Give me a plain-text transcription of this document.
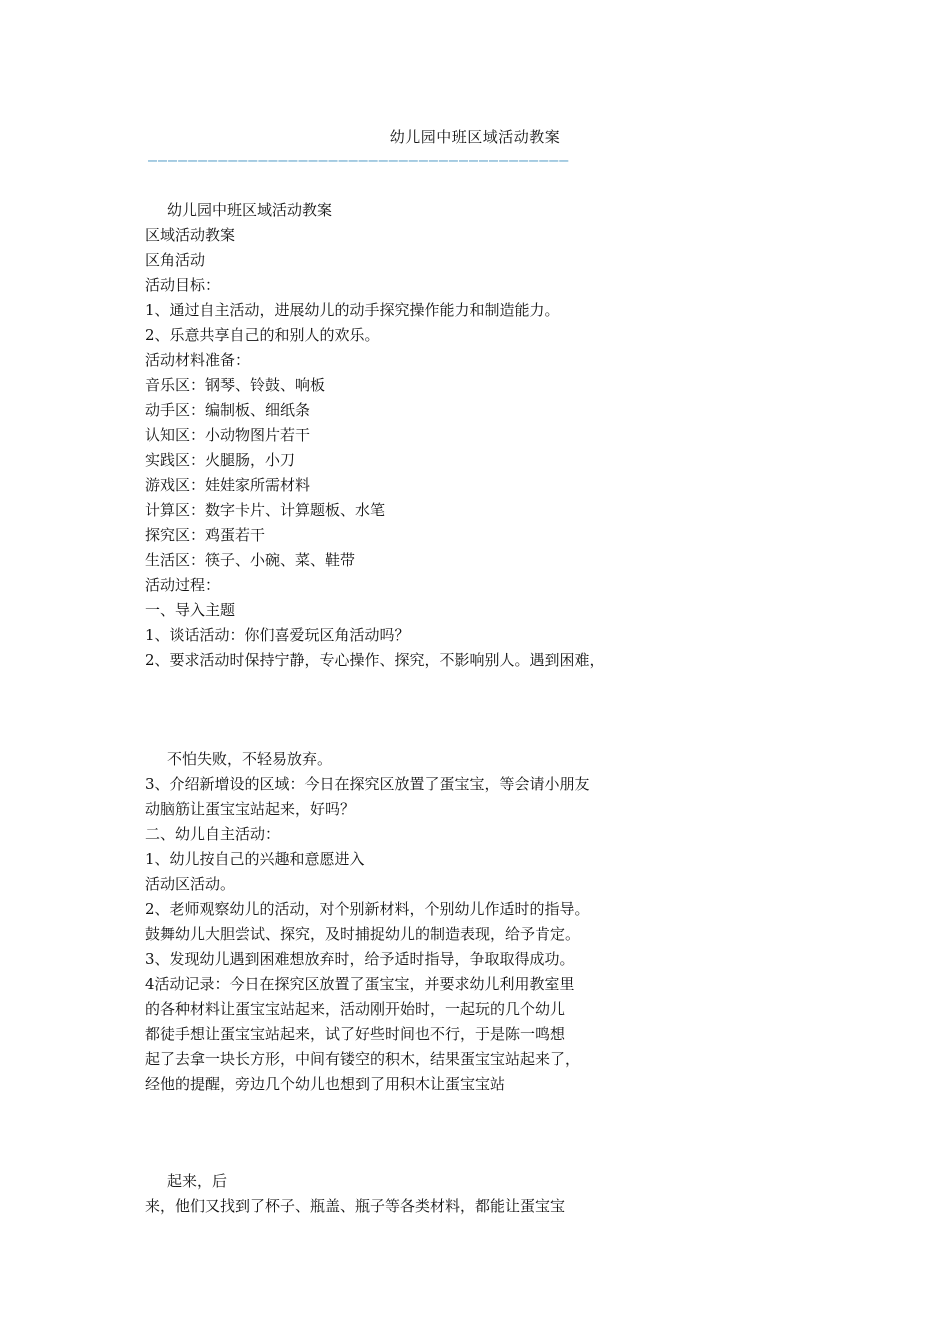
幼儿园中班区域活动教案
——————————————————————————————————————————
幼儿园中班区域活动教案
区域活动教案
区角活动
活动目标：
1、通过自主活动，进展幼儿的动手探究操作能力和制造能力。
2、乐意共享自己的和别人的欢乐。
活动材料准备：
音乐区：钢琴、铃鼓、响板
动手区：编制板、细纸条
认知区：小动物图片若干
实践区：火腿肠，小刀
游戏区：娃娃家所需材料
计算区：数字卡片、计算题板、水笔
探究区：鸡蛋若干
生活区：筷子、小碗、菜、鞋带
活动过程：
一、导入主题
1、谈话活动：你们喜爱玩区角活动吗？
2、要求活动时保持宁静，专心操作、探究，不影响别人。遇到困难，
不怕失败，不轻易放弃。
3、介绍新增设的区域：今日在探究区放置了蛋宝宝，等会请小朋友
动脑筋让蛋宝宝站起来，好吗？
二、幼儿自主活动：
1、幼儿按自己的兴趣和意愿进入
活动区活动。
2、老师观察幼儿的活动，对个别新材料，个别幼儿作适时的指导。
鼓舞幼儿大胆尝试、探究，及时捕捉幼儿的制造表现，给予肯定。
3、发现幼儿遇到困难想放弃时，给予适时指导，争取取得成功。
4活动记录：今日在探究区放置了蛋宝宝，并要求幼儿利用教室里
的各种材料让蛋宝宝站起来，活动刚开始时，一起玩的几个幼儿
都徒手想让蛋宝宝站起来，试了好些时间也不行，于是陈一鸣想
起了去拿一块长方形，中间有镂空的积木，结果蛋宝宝站起来了，
经他的提醒，旁边几个幼儿也想到了用积木让蛋宝宝站
起来，后
来，他们又找到了杯子、瓶盖、瓶子等各类材料，都能让蛋宝宝
